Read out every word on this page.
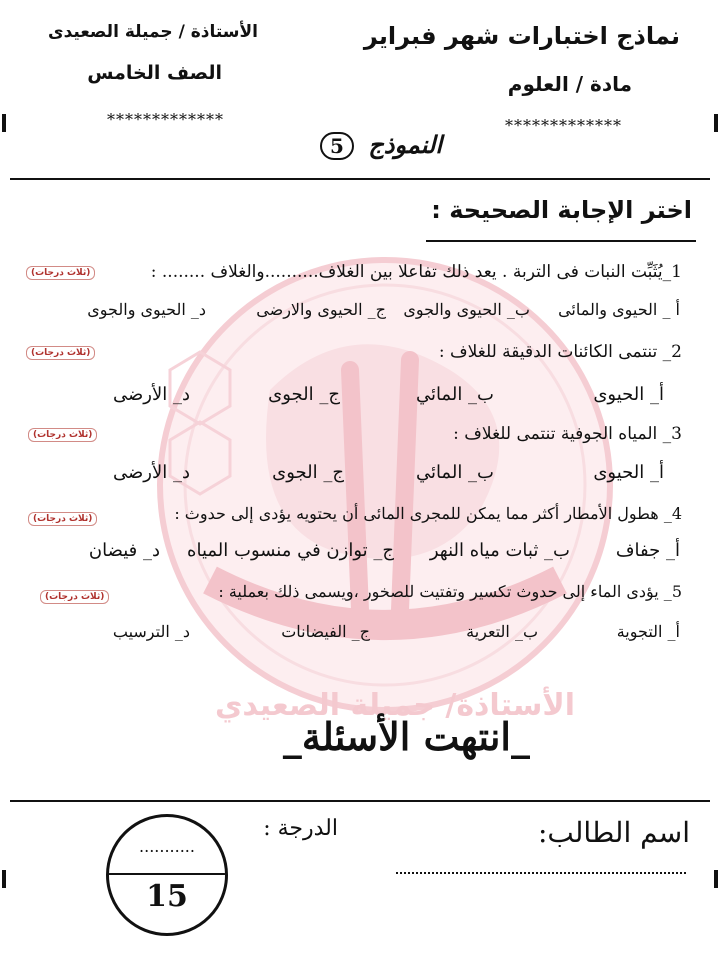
الأستاذة/ جميلة الصعيدي
نماذج اختبارات شهر فبراير
مادة / العلوم
*************
الأستاذة / جميلة الصعيدى
الصف الخامس
*************
النموذج 5
اختر الإجابة الصحيحة :
1_يُثَبِّت النبات فى التربة . يعد ذلك تفاعلا بين الغلاف..........والغلاف ........ :
(ثلاث درجات)
أ _ الحيوى والمائى
ب_ الحيوى والجوى
ج_ الحيوى والارضى
د_ الحيوى والجوى
2_ تنتمى الكائنات الدقيقة للغلاف :
(ثلاث درجات)
أ_ الحيوى
ب_ المائي
ج_ الجوى
د_ الأرضى
3_ المياه الجوفية تنتمى للغلاف :
(ثلاث درجات)
أ_ الحيوى
ب_ المائي
ج_ الجوى
د_ الأرضى
4_ هطول الأمطار أكثر مما يمكن للمجرى المائى أن يحتويه يؤدى إلى حدوث :
(ثلاث درجات)
أ_ جفاف
ب_ ثبات مياه النهر
ج_ توازن في منسوب المياه
د_ فيضان
5_ يؤدى الماء إلى حدوث تكسير وتفتيت للصخور ،ويسمى ذلك بعملية :
(ثلاث درجات)
أ_ التجوية
ب_ التعرية
ج_ الفيضانات
د_ الترسيب
_انتهت الأسئلة_
اسم الطالب:
الدرجة :
...........
15
